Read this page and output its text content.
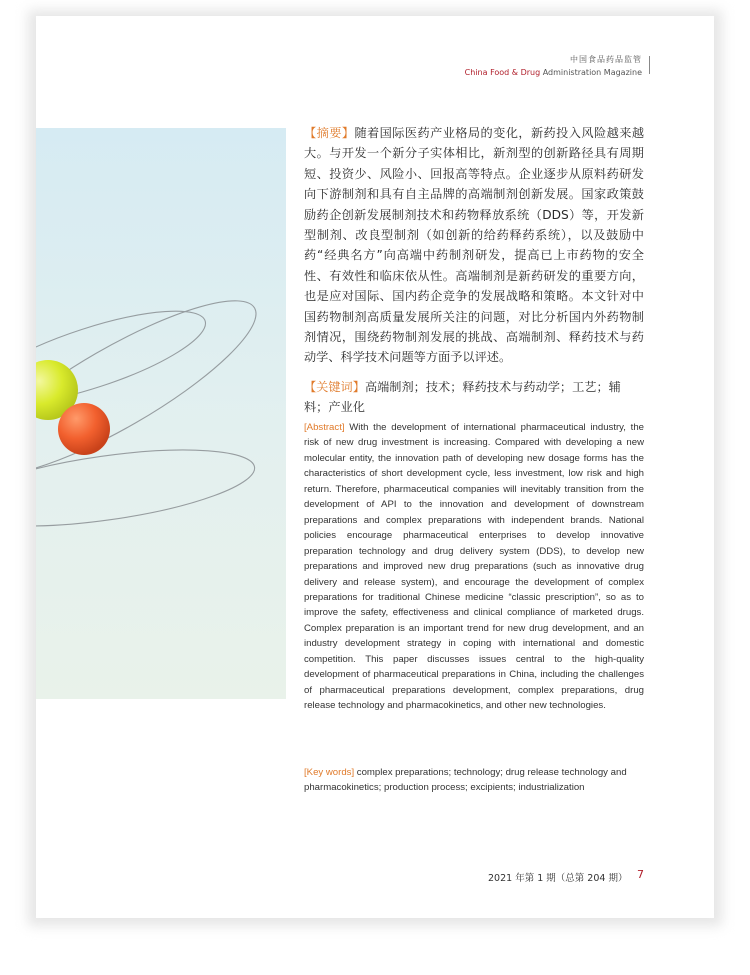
中国食品药品监管
China Food & Drug Administration Magazine
【摘要】随着国际医药产业格局的变化，新药投入风险越来越大。与开发一个新分子实体相比，新剂型的创新路径具有周期短、投资少、风险小、回报高等特点。企业逐步从原料药研发向下游制剂和具有自主品牌的高端制剂创新发展。国家政策鼓励药企创新发展制剂技术和药物释放系统（DDS）等，开发新型制剂、改良型制剂（如创新的给药释药系统），以及鼓励中药“经典名方”向高端中药制剂研发，提高已上市药物的安全性、有效性和临床依从性。高端制剂是新药研发的重要方向，也是应对国际、国内药企竞争的发展战略和策略。本文针对中国药物制剂高质量发展所关注的问题，对比分析国内外药物制剂情况，围绕药物制剂发展的挑战、高端制剂、释药技术与药动学、科学技术问题等方面予以评述。
【关键词】高端制剂；技术；释药技术与药动学；工艺；辅料；产业化
[Abstract] With the development of international pharmaceutical industry, the risk of new drug investment is increasing. Compared with developing a new molecular entity, the innovation path of developing new dosage forms has the characteristics of short development cycle, less investment, low risk and high return. Therefore, pharmaceutical companies will inevitably transition from the development of API to the innovation and development of downstream preparations and complex preparations with independent brands. National policies encourage pharmaceutical enterprises to develop innovative preparation technology and drug delivery system (DDS), to develop new preparations and improved new drug preparations (such as innovative drug delivery and release system), and encourage the development of complex preparations for traditional Chinese medicine “classic prescription”, so as to improve the safety, effectiveness and clinical compliance of marketed drugs. Complex preparation is an important trend for new drug development, and an industry development strategy in coping with international and domestic competition. This paper discusses issues central to the high-quality development of pharmaceutical preparations in China, including the challenges of pharmaceutical preparations development, complex preparations, drug release technology and pharmacokinetics, and other new technologies.
[Key words] complex preparations; technology; drug release technology and pharmacokinetics; production process; excipients; industrialization
2021 年第 1 期（总第 204 期） 7
